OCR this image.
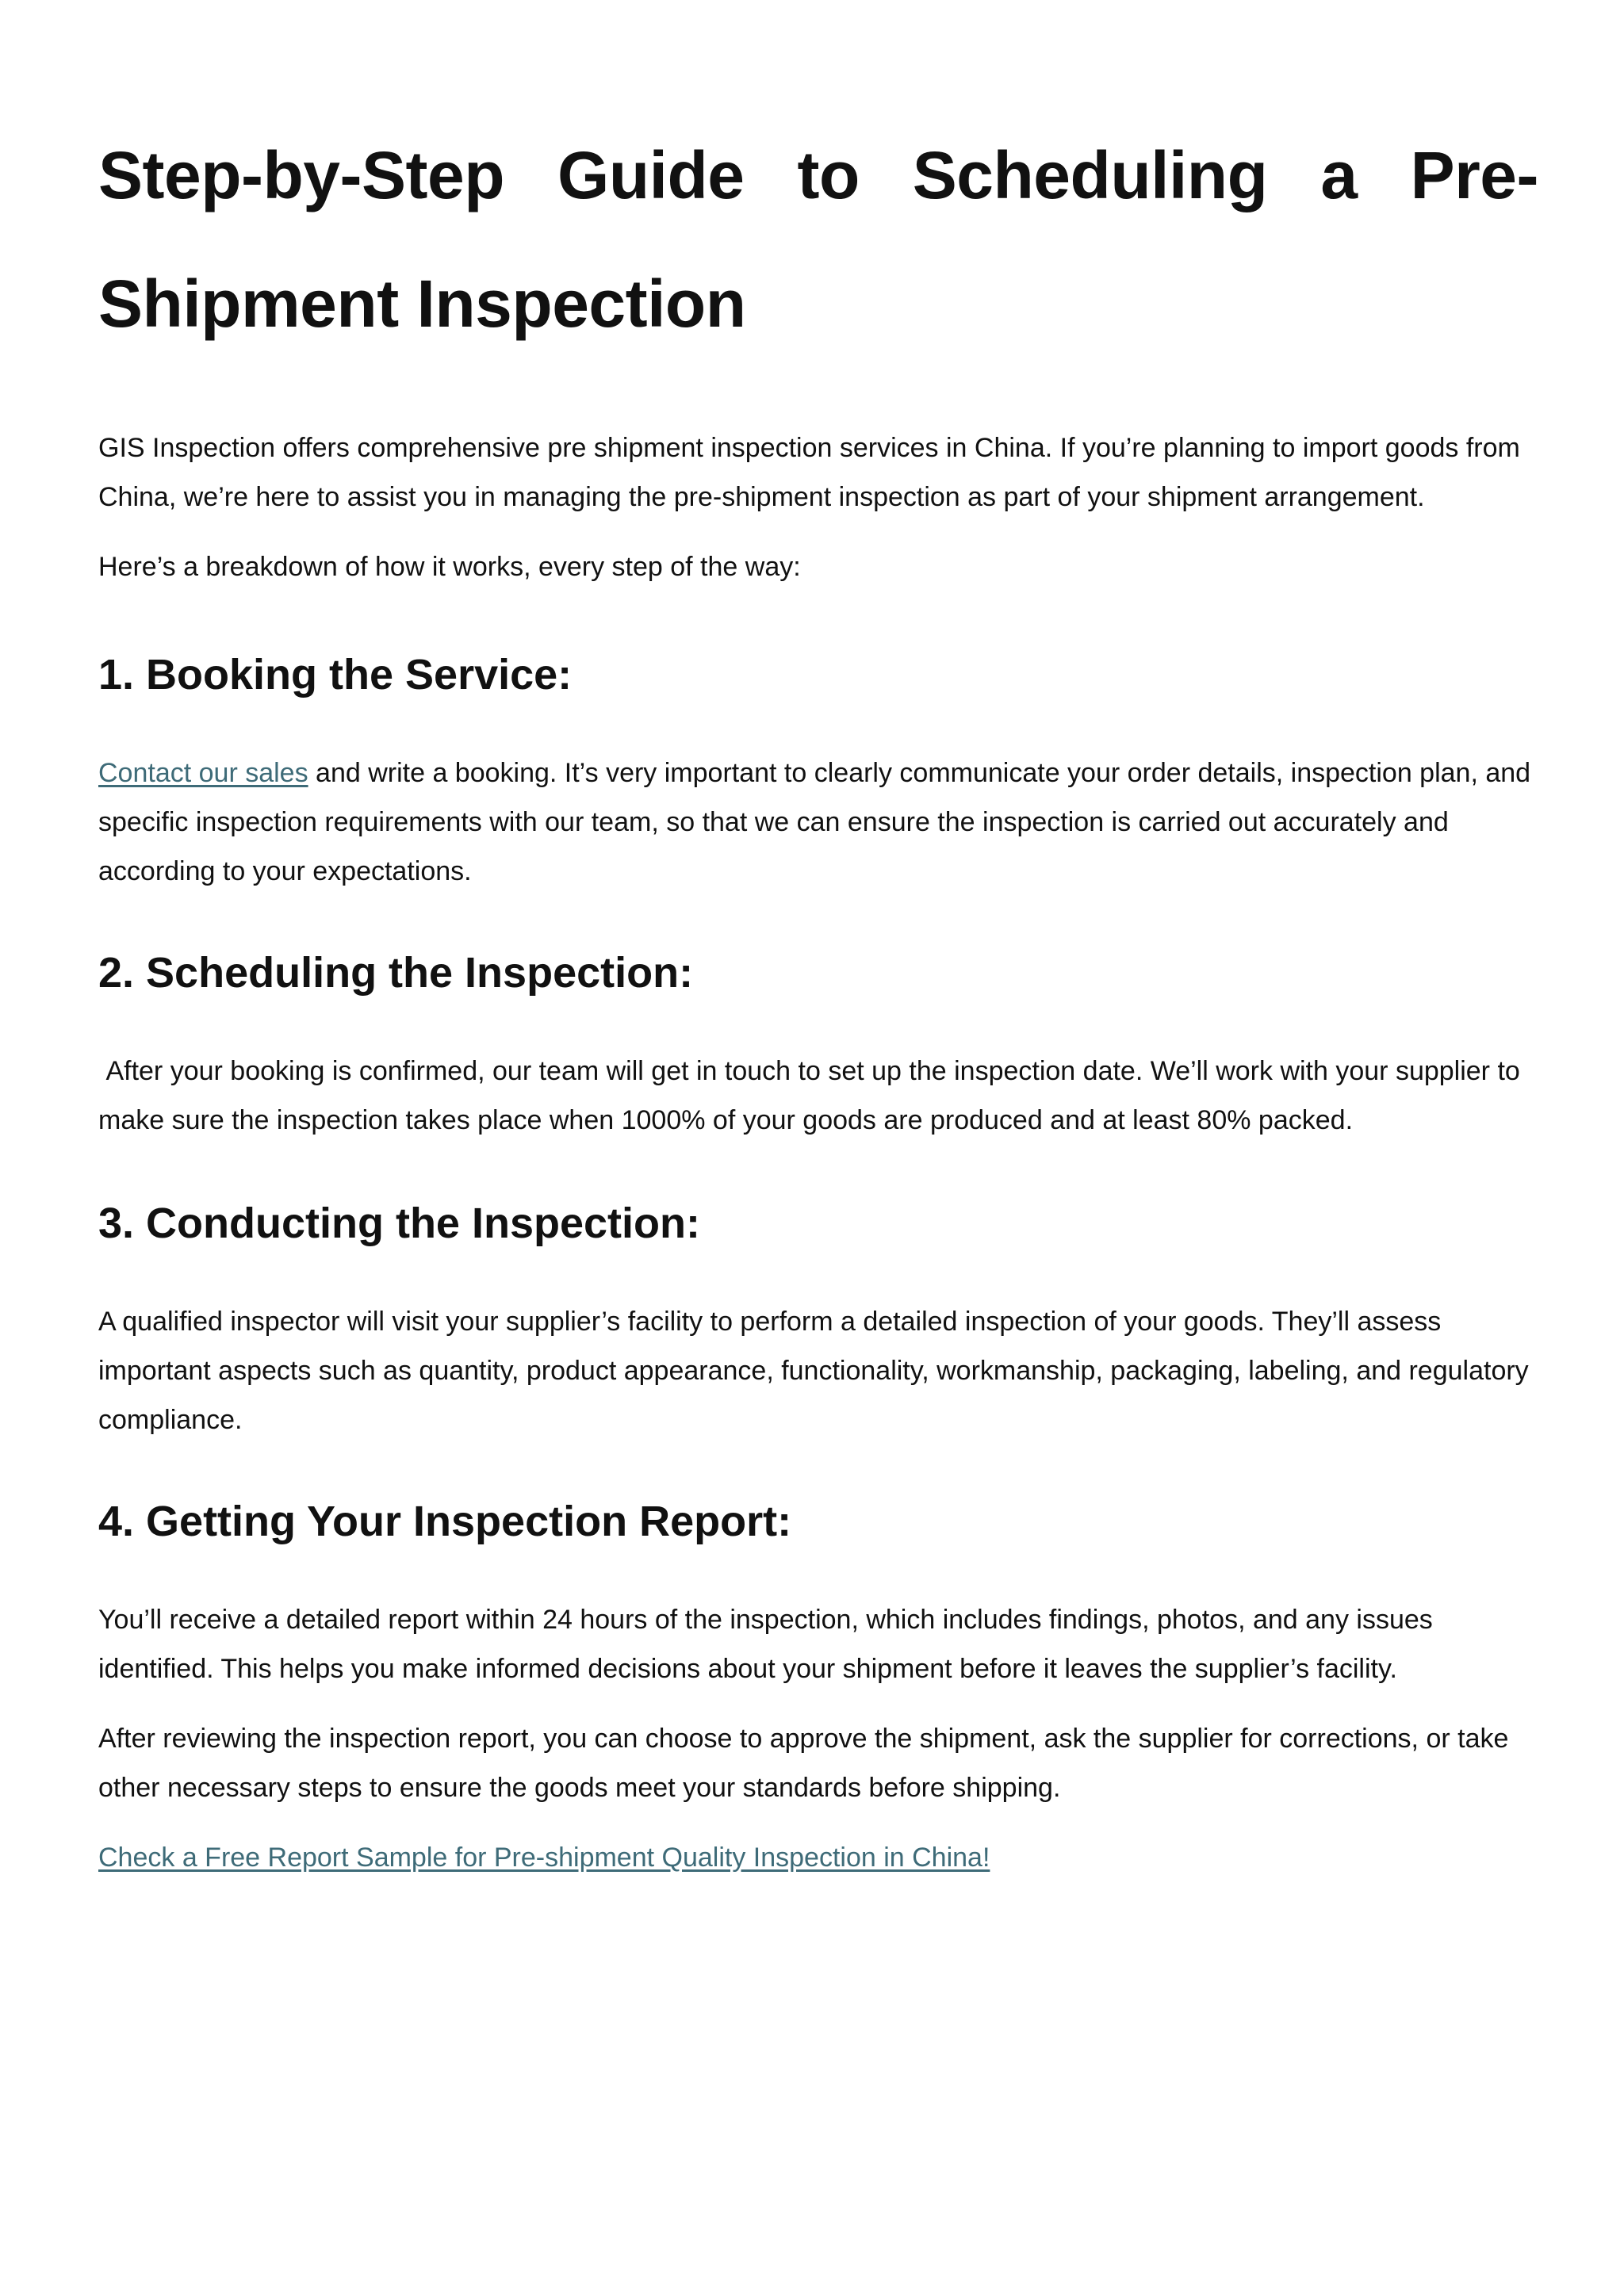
Step-by-Step Guide to Scheduling a Pre-
Shipment Inspection

GIS Inspection offers comprehensive pre shipment inspection services in China. If you’re planning to import goods from China, we’re here to assist you in managing the pre-shipment inspection as part of your shipment arrangement.

Here’s a breakdown of how it works, every step of the way:

1. Booking the Service:

Contact our sales and write a booking. It’s very important to clearly communicate your order details, inspection plan, and specific inspection requirements with our team, so that we can ensure the inspection is carried out accurately and according to your expectations.

2. Scheduling the Inspection:

After your booking is confirmed, our team will get in touch to set up the inspection date. We’ll work with your supplier to make sure the inspection takes place when 1000% of your goods are produced and at least 80% packed.

3. Conducting the Inspection:

A qualified inspector will visit your supplier’s facility to perform a detailed inspection of your goods. They’ll assess important aspects such as quantity, product appearance, functionality, workmanship, packaging, labeling, and regulatory compliance.

4. Getting Your Inspection Report:

You’ll receive a detailed report within 24 hours of the inspection, which includes findings, photos, and any issues identified. This helps you make informed decisions about your shipment before it leaves the supplier’s facility.

After reviewing the inspection report, you can choose to approve the shipment, ask the supplier for corrections, or take other necessary steps to ensure the goods meet your standards before shipping.

Check a Free Report Sample for Pre-shipment Quality Inspection in China!
